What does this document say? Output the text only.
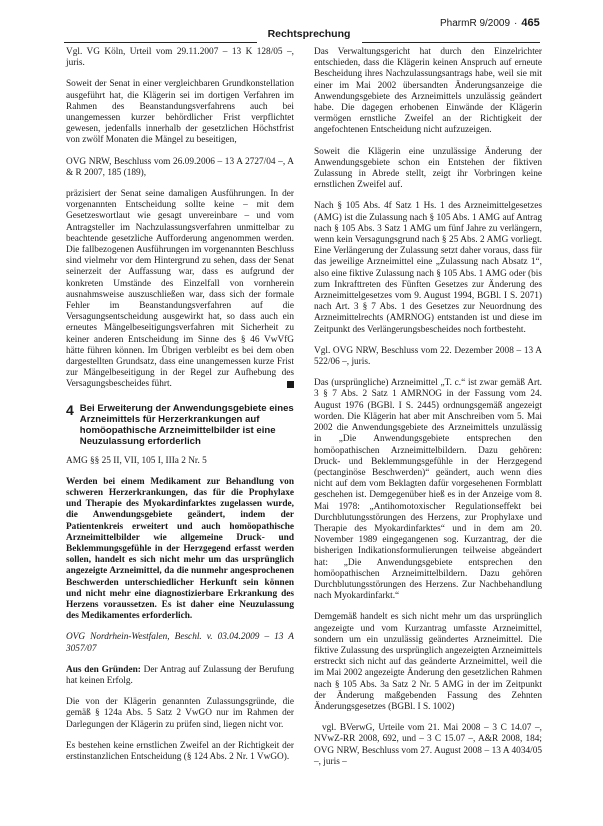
PharmR 9/2009 · 465
Rechtsprechung

Vgl. VG Köln, Urteil vom 29.11.2007 – 13 K 128/05 –, juris.

Soweit der Senat in einer vergleichbaren Grundkonstellation ausgeführt hat, die Klägerin sei im dortigen Verfahren im Rahmen des Beanstandungsverfahrens auch bei unangemessen kurzer behördlicher Frist verpflichtet gewesen, jedenfalls innerhalb der gesetzlichen Höchstfrist von zwölf Monaten die Mängel zu beseitigen,

OVG NRW, Beschluss vom 26.09.2006 – 13 A 2727/04 –, A & R 2007, 185 (189),

präzisiert der Senat seine damaligen Ausführungen. In der vorgenannten Entscheidung sollte keine – mit dem Gesetzeswortlaut wie gesagt unvereinbare – und vom Antragsteller im Nachzulassungsverfahren unmittelbar zu beachtende gesetzliche Aufforderung angenommen werden. Die fallbezogenen Ausführungen im vorgenannten Beschluss sind vielmehr vor dem Hintergrund zu sehen, dass der Senat seinerzeit der Auffassung war, dass es aufgrund der konkreten Umstände des Einzelfall von vornherein ausnahmsweise auszuschließen war, dass sich der formale Fehler im Beanstandungsverfahren auf die Versagungsentscheidung ausgewirkt hat, so dass auch ein erneutes Mängelbeseitigungsverfahren mit Sicherheit zu keiner anderen Entscheidung im Sinne des § 46 VwVfG hätte führen können. Im Übrigen verbleibt es bei dem oben dargestellten Grundsatz, dass eine unangemessen kurze Frist zur Mängelbeseitigung in der Regel zur Aufhebung des Versagungsbescheides führt.

4 Bei Erweiterung der Anwendungsgebiete eines Arzneimittels für Herzerkrankungen auf homöopathische Arzneimittelbilder ist eine Neuzulassung erforderlich

AMG §§ 25 II, VII, 105 I, IIIa 2 Nr. 5

Werden bei einem Medikament zur Behandlung von schweren Herzerkrankungen, das für die Prophylaxe und Therapie des Myokardinfarktes zugelassen wurde, die Anwendungsgebiete geändert, indem der Patientenkreis erweitert und auch homöopathische Arzneimittelbilder wie allgemeine Druck- und Beklemmungsgefühle in der Herzgegend erfasst werden sollen, handelt es sich nicht mehr um das ursprünglich angezeigte Arzneimittel, da die nunmehr angesprochenen Beschwerden unterschiedlicher Herkunft sein können und nicht mehr eine diagnostizierbare Erkrankung des Herzens voraussetzen. Es ist daher eine Neuzulassung des Medikamentes erforderlich.

OVG Nordrhein-Westfalen, Beschl. v. 03.04.2009 – 13 A 3057/07

Aus den Gründen: Der Antrag auf Zulassung der Berufung hat keinen Erfolg.

Die von der Klägerin genannten Zulassungsgründe, die gemäß § 124a Abs. 5 Satz 2 VwGO nur im Rahmen der Darlegungen der Klägerin zu prüfen sind, liegen nicht vor.

Es bestehen keine ernstlichen Zweifel an der Richtigkeit der erstinstanzlichen Entscheidung (§ 124 Abs. 2 Nr. 1 VwGO).

Das Verwaltungsgericht hat durch den Einzelrichter entschieden, dass die Klägerin keinen Anspruch auf erneute Bescheidung ihres Nachzulassungsantrags habe, weil sie mit einer im Mai 2002 übersandten Änderungsanzeige die Anwendungsgebiete des Arzneimittels unzulässig geändert habe. Die dagegen erhobenen Einwände der Klägerin vermögen ernstliche Zweifel an der Richtigkeit der angefochtenen Entscheidung nicht aufzuzeigen.

Soweit die Klägerin eine unzulässige Änderung der Anwendungsgebiete schon ein Entstehen der fiktiven Zulassung in Abrede stellt, zeigt ihr Vorbringen keine ernstlichen Zweifel auf.

Nach § 105 Abs. 4f Satz 1 Hs. 1 des Arzneimittelgesetzes (AMG) ist die Zulassung nach § 105 Abs. 1 AMG auf Antrag nach § 105 Abs. 3 Satz 1 AMG um fünf Jahre zu verlängern, wenn kein Versagungsgrund nach § 25 Abs. 2 AMG vorliegt. Eine Verlängerung der Zulassung setzt daher voraus, dass für das jeweilige Arzneimittel eine „Zulassung nach Absatz 1“, also eine fiktive Zulassung nach § 105 Abs. 1 AMG oder (bis zum Inkrafttreten des Fünften Gesetzes zur Änderung des Arzneimittelgesetzes vom 9. August 1994, BGBl. I S. 2071) nach Art. 3 § 7 Abs. 1 des Gesetzes zur Neuordnung des Arzneimittelrechts (AMRNOG) entstanden ist und diese im Zeitpunkt des Verlängerungsbescheides noch fortbesteht.

Vgl. OVG NRW, Beschluss vom 22. Dezember 2008 – 13 A 522/06 –, juris.

Das (ursprüngliche) Arzneimittel „T. c.“ ist zwar gemäß Art. 3 § 7 Abs. 2 Satz 1 AMRNOG in der Fassung vom 24. August 1976 (BGBl. I S. 2445) ordnungsgemäß angezeigt worden. Die Klägerin hat aber mit Anschreiben vom 5. Mai 2002 die Anwendungsgebiete des Arzneimittels unzulässig in „Die Anwendungsgebiete entsprechen den homöopathischen Arzneimittelbildern. Dazu gehören: Druck- und Beklemmungsgefühle in der Herzgegend (pectanginöse Beschwerden)“ geändert, auch wenn dies nicht auf dem vom Beklagten dafür vorgesehenen Formblatt geschehen ist. Demgegenüber hieß es in der Anzeige vom 8. Mai 1978: „Antihomotoxischer Regulationseffekt bei Durchblutungsstörungen des Herzens, zur Prophylaxe und Therapie des Myokardinfarktes“ und in dem am 20. November 1989 eingegangenen sog. Kurzantrag, der die bisherigen Indikationsformulierungen teilweise abgeändert hat: „Die Anwendungsgebiete entsprechen den homöopathischen Arzneimittelbildern. Dazu gehören Durchblutungsstörungen des Herzens. Zur Nachbehandlung nach Myokardinfarkt.“

Demgemäß handelt es sich nicht mehr um das ursprünglich angezeigte und vom Kurzantrag umfasste Arzneimittel, sondern um ein unzulässig geändertes Arzneimittel. Die fiktive Zulassung des ursprünglich angezeigten Arzneimittels erstreckt sich nicht auf das geänderte Arzneimittel, weil die im Mai 2002 angezeigte Änderung den gesetzlichen Rahmen nach § 105 Abs. 3a Satz 2 Nr. 5 AMG in der im Zeitpunkt der Änderung maßgebenden Fassung des Zehnten Änderungsgesetzes (BGBl. I S. 1002)

vgl. BVerwG, Urteile vom 21. Mai 2008 – 3 C 14.07 –, NVwZ-RR 2008, 692, und – 3 C 15.07 –, A&R 2008, 184; OVG NRW, Beschluss vom 27. August 2008 – 13 A 4034/05 –, juris –
